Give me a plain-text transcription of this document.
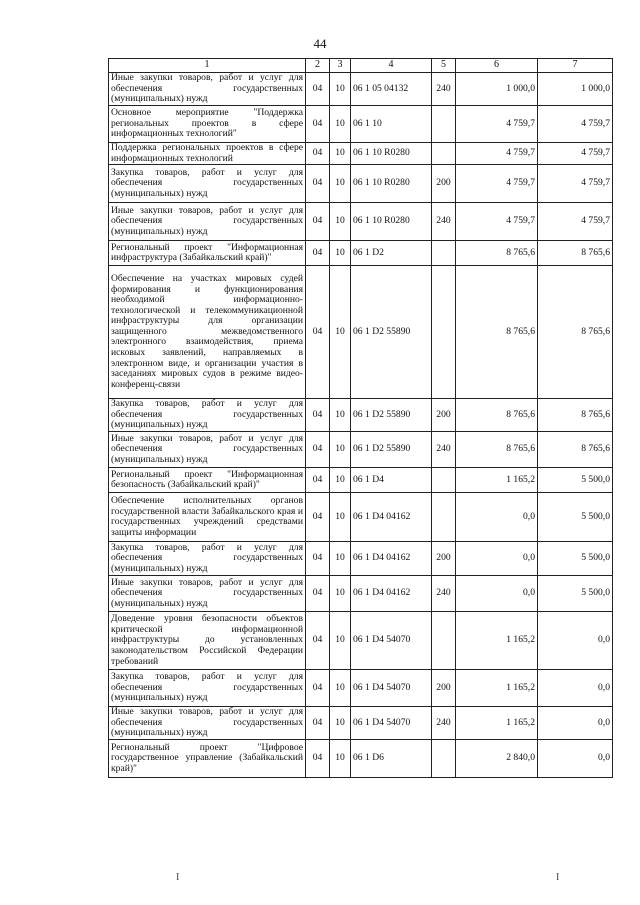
44
1	2	3	4	5	6	7
Иные закупки товаров, работ и услуг для обеспечения государственных (муниципальных) нужд	04	10	06 1 05 04132	240	1 000,0	1 000,0
Основное мероприятие "Поддержка региональных проектов в сфере информационных технологий"	04	10	06 1 10		4 759,7	4 759,7
Поддержка региональных проектов в сфере информационных технологий	04	10	06 1 10 R0280		4 759,7	4 759,7
Закупка товаров, работ и услуг для обеспечения государственных (муниципальных) нужд	04	10	06 1 10 R0280	200	4 759,7	4 759,7
Иные закупки товаров, работ и услуг для обеспечения государственных (муниципальных) нужд	04	10	06 1 10 R0280	240	4 759,7	4 759,7
Региональный проект "Информационная инфраструктура (Забайкальский край)"	04	10	06 1 D2		8 765,6	8 765,6
Обеспечение на участках мировых судей формирования и функционирования необходимой информационно-технологической и телекоммуникационной инфраструктуры для организации защищенного межведомственного электронного взаимодействия, приема исковых заявлений, направляемых в электронном виде, и организации участия в заседаниях мировых судов в режиме видео-конференц-связи	04	10	06 1 D2 55890		8 765,6	8 765,6
Закупка товаров, работ и услуг для обеспечения государственных (муниципальных) нужд	04	10	06 1 D2 55890	200	8 765,6	8 765,6
Иные закупки товаров, работ и услуг для обеспечения государственных (муниципальных) нужд	04	10	06 1 D2 55890	240	8 765,6	8 765,6
Региональный проект "Информационная безопасность (Забайкальский край)"	04	10	06 1 D4		1 165,2	5 500,0
Обеспечение исполнительных органов государственной власти Забайкальского края и государственных учреждений средствами защиты информации	04	10	06 1 D4 04162		0,0	5 500,0
Закупка товаров, работ и услуг для обеспечения государственных (муниципальных) нужд	04	10	06 1 D4 04162	200	0,0	5 500,0
Иные закупки товаров, работ и услуг для обеспечения государственных (муниципальных) нужд	04	10	06 1 D4 04162	240	0,0	5 500,0
Доведение уровня безопасности объектов критической информационной инфраструктуры до установленных законодательством Российской Федерации требований	04	10	06 1 D4 54070		1 165,2	0,0
Закупка товаров, работ и услуг для обеспечения государственных (муниципальных) нужд	04	10	06 1 D4 54070	200	1 165,2	0,0
Иные закупки товаров, работ и услуг для обеспечения государственных (муниципальных) нужд	04	10	06 1 D4 54070	240	1 165,2	0,0
Региональный проект "Цифровое государственное управление (Забайкальский край)"	04	10	06 1 D6		2 840,0	0,0
I	I
